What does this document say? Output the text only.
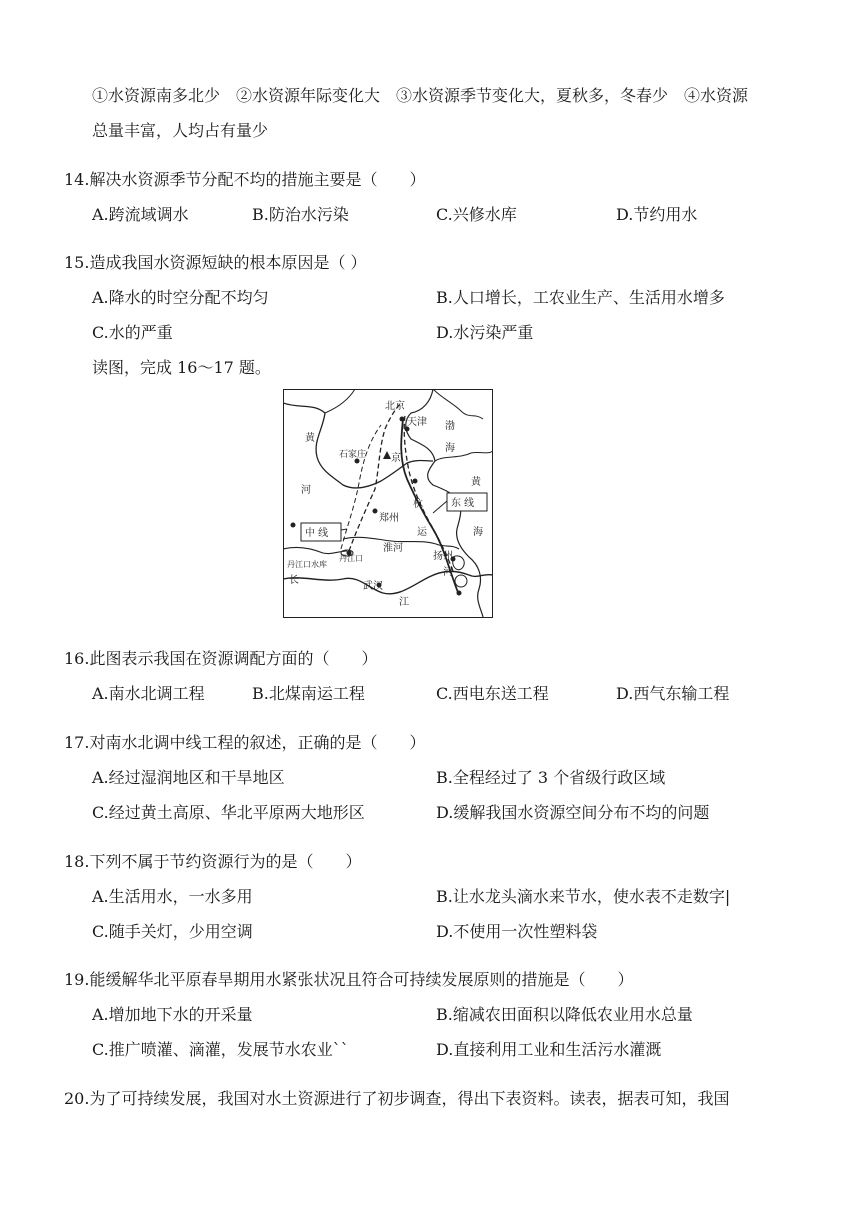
①水资源南多北少　②水资源年际变化大　③水资源季节变化大，夏秋多，冬春少　④水资源
总量丰富，人均占有量少
14.解决水资源季节分配不均的措施主要是（　　）
A.跨流域调水	B.防治水污染	C.兴修水库	D.节约用水
15.造成我国水资源短缺的根本原因是（ ）
A.降水的时空分配不均匀	B.人口增长，工农业生产、生活用水增多
C.水的严重	D.水污染严重
读图，完成 16～17 题。
北京
天津 渤
海
黄
海
黄
河
石家庄 京
杭
运
河
郑州
淮河
扬州
丹江口
丹江口水库
长
武汉
江
中 线
东 线
16.此图表示我国在资源调配方面的（　　）
A.南水北调工程	B.北煤南运工程	C.西电东送工程	D.西气东输工程
17.对南水北调中线工程的叙述，正确的是（　　）
A.经过湿润地区和干旱地区	B.全程经过了 3 个省级行政区域
C.经过黄土高原、华北平原两大地形区	D.缓解我国水资源空间分布不均的问题
18.下列不属于节约资源行为的是（　　）
A.生活用水，一水多用	B.让水龙头滴水来节水，使水表不走数字|
C.随手关灯，少用空调	D.不使用一次性塑料袋
19.能缓解华北平原春旱期用水紧张状况且符合可持续发展原则的措施是（　　）
A.增加地下水的开采量	B.缩减农田面积以降低农业用水总量
C.推广喷灌、滴灌，发展节水农业``	D.直接利用工业和生活污水灌溉
20.为了可持续发展，我国对水土资源进行了初步调查，得出下表资料。读表，据表可知，我国
